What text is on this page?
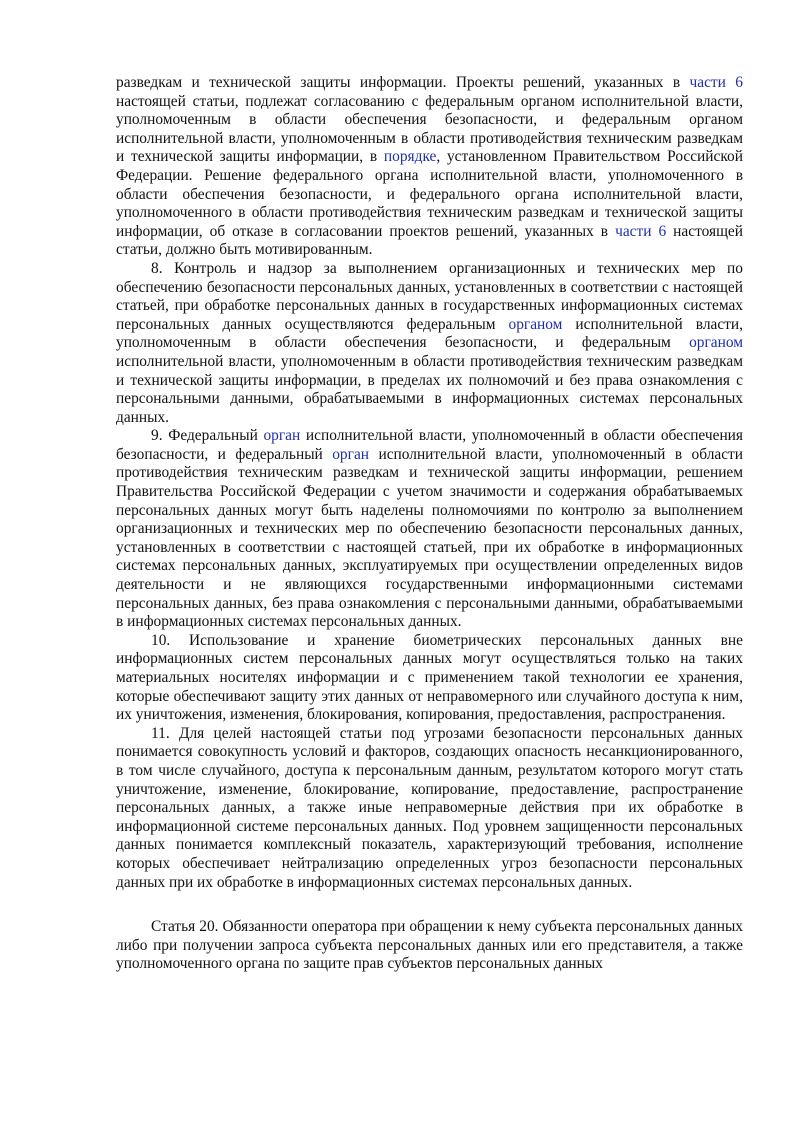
разведкам и технической защиты информации. Проекты решений, указанных в части 6 настоящей статьи, подлежат согласованию с федеральным органом исполнительной власти, уполномоченным в области обеспечения безопасности, и федеральным органом исполнительной власти, уполномоченным в области противодействия техническим разведкам и технической защиты информации, в порядке, установленном Правительством Российской Федерации. Решение федерального органа исполнительной власти, уполномоченного в области обеспечения безопасности, и федерального органа исполнительной власти, уполномоченного в области противодействия техническим разведкам и технической защиты информации, об отказе в согласовании проектов решений, указанных в части 6 настоящей статьи, должно быть мотивированным.

8. Контроль и надзор за выполнением организационных и технических мер по обеспечению безопасности персональных данных, установленных в соответствии с настоящей статьей, при обработке персональных данных в государственных информационных системах персональных данных осуществляются федеральным органом исполнительной власти, уполномоченным в области обеспечения безопасности, и федеральным органом исполнительной власти, уполномоченным в области противодействия техническим разведкам и технической защиты информации, в пределах их полномочий и без права ознакомления с персональными данными, обрабатываемыми в информационных системах персональных данных.

9. Федеральный орган исполнительной власти, уполномоченный в области обеспечения безопасности, и федеральный орган исполнительной власти, уполномоченный в области противодействия техническим разведкам и технической защиты информации, решением Правительства Российской Федерации с учетом значимости и содержания обрабатываемых персональных данных могут быть наделены полномочиями по контролю за выполнением организационных и технических мер по обеспечению безопасности персональных данных, установленных в соответствии с настоящей статьей, при их обработке в информационных системах персональных данных, эксплуатируемых при осуществлении определенных видов деятельности и не являющихся государственными информационными системами персональных данных, без права ознакомления с персональными данными, обрабатываемыми в информационных системах персональных данных.

10. Использование и хранение биометрических персональных данных вне информационных систем персональных данных могут осуществляться только на таких материальных носителях информации и с применением такой технологии ее хранения, которые обеспечивают защиту этих данных от неправомерного или случайного доступа к ним, их уничтожения, изменения, блокирования, копирования, предоставления, распространения.

11. Для целей настоящей статьи под угрозами безопасности персональных данных понимается совокупность условий и факторов, создающих опасность несанкционированного, в том числе случайного, доступа к персональным данным, результатом которого могут стать уничтожение, изменение, блокирование, копирование, предоставление, распространение персональных данных, а также иные неправомерные действия при их обработке в информационной системе персональных данных. Под уровнем защищенности персональных данных понимается комплексный показатель, характеризующий требования, исполнение которых обеспечивает нейтрализацию определенных угроз безопасности персональных данных при их обработке в информационных системах персональных данных.

Статья 20. Обязанности оператора при обращении к нему субъекта персональных данных либо при получении запроса субъекта персональных данных или его представителя, а также уполномоченного органа по защите прав субъектов персональных данных
